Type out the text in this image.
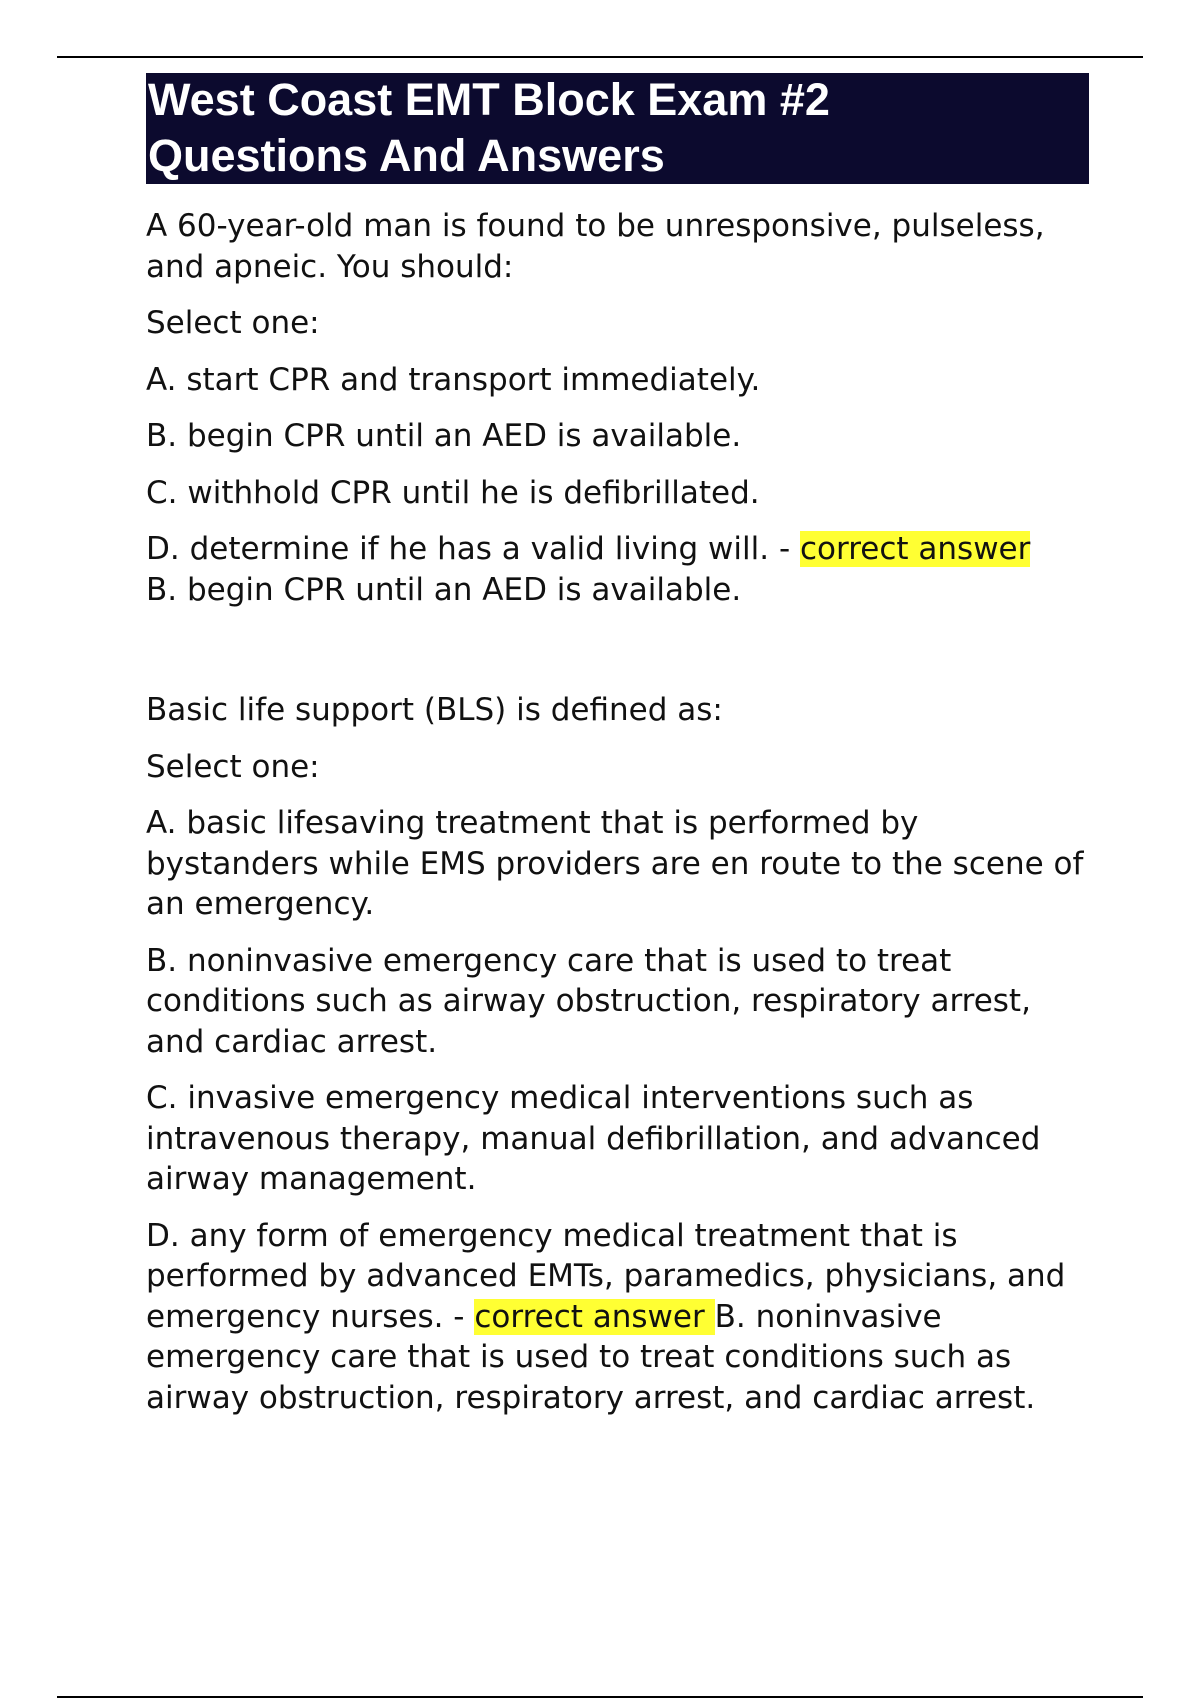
West Coast EMT Block Exam #2
Questions And Answers

A 60-year-old man is found to be unresponsive, pulseless, and apneic. You should:

Select one:

A. start CPR and transport immediately.

B. begin CPR until an AED is available.

C. withhold CPR until he is defibrillated.

D. determine if he has a valid living will. - correct answer
B. begin CPR until an AED is available.

Basic life support (BLS) is defined as:

Select one:

A. basic lifesaving treatment that is performed by bystanders while EMS providers are en route to the scene of an emergency.

B. noninvasive emergency care that is used to treat conditions such as airway obstruction, respiratory arrest, and cardiac arrest.

C. invasive emergency medical interventions such as intravenous therapy, manual defibrillation, and advanced airway management.

D. any form of emergency medical treatment that is performed by advanced EMTs, paramedics, physicians, and emergency nurses. - correct answer B. noninvasive emergency care that is used to treat conditions such as airway obstruction, respiratory arrest, and cardiac arrest.
